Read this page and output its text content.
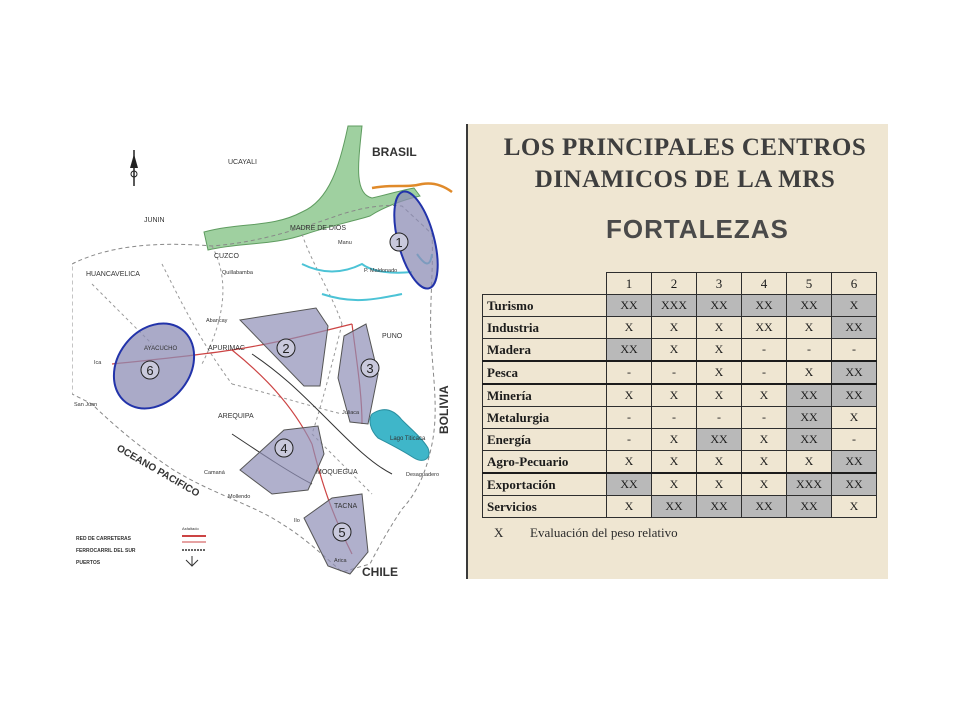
Lago Titicaca
1
2
3
4
5
6
BRASIL
BOLIVIA
CHILE
OCEANO PACIFICO
UCAYALI
JUNIN
MADRE DE DIOS
CUZCO
HUANCAVELICA
APURIMAC
AYACUCHO
PUNO
AREQUIPA
MOQUEGUA
TACNA
Manu
Quillabamba	P. Maldonado
San Juan
Abancay
Ica
Juliaca
Desaguadero
Camaná
Mollendo
Ilo
Arica
RED DE CARRETERAS
FERROCARRIL DEL SUR
PUERTOS
Asfaltado
LOS PRINCIPALES CENTROS
DINAMICOS DE LA MRS
FORTALEZAS
	1	2	3	4	5	6
Turismo	XX	XXX	XX	XX	XX	X
Industria	X	X	X	XX	X	XX
Madera	XX	X	X	-	-	-
Pesca	-	-	X	-	X	XX
Minería	X	X	X	X	XX	XX
Metalurgia	-	-	-	-	XX	X
Energía	-	X	XX	X	XX	-
Agro-Pecuario	X	X	X	X	X	XX
Exportación	XX	X	X	X	XXX	XX
Servicios	X	XX	XX	XX	XX	X
X Evaluación del peso relativo
